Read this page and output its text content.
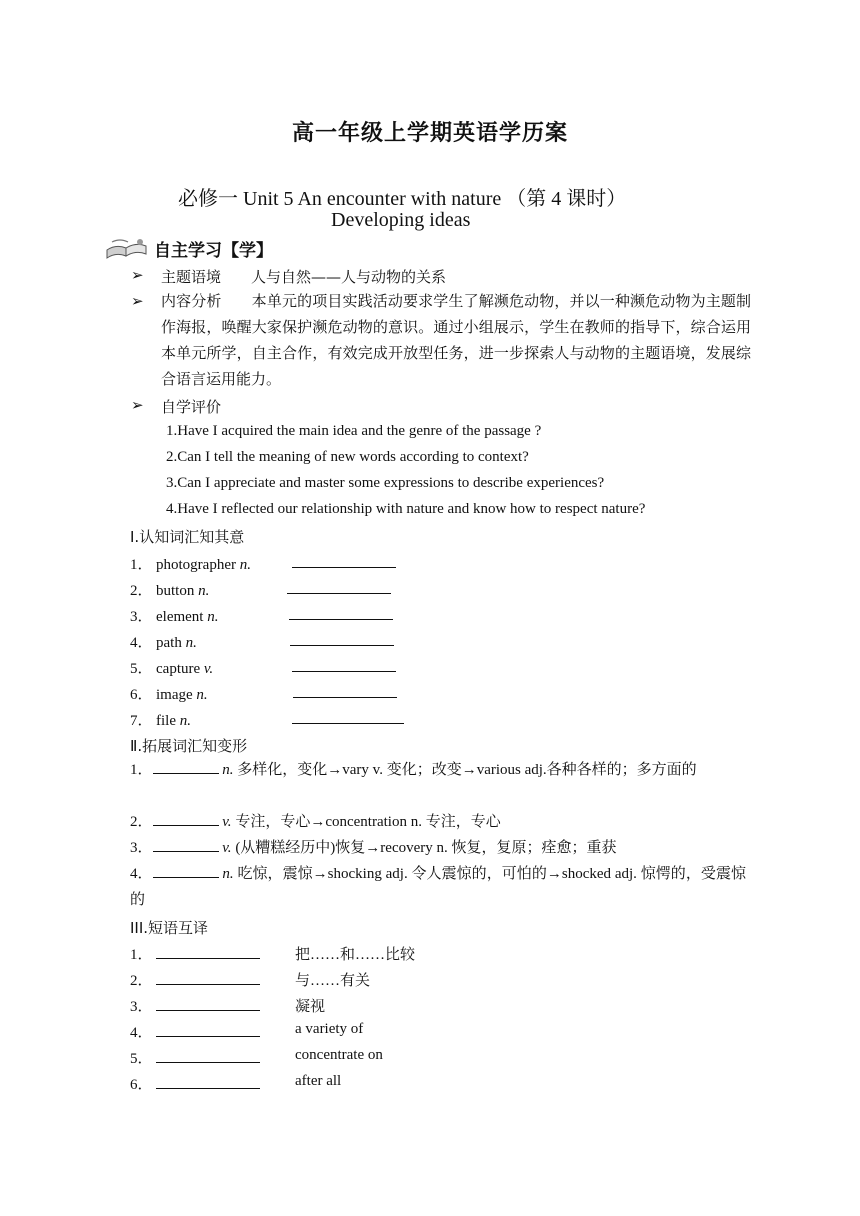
高一年级上学期英语学历案
必修一 Unit 5 An encounter with nature （第 4 课时）
Developing ideas
自主学习【学】
➢ 主题语境 人与自然——人与动物的关系
➢ 内容分析 本单元的项目实践活动要求学生了解濒危动物，并以一种濒危动物为主题制作海报，唤醒大家保护濒危动物的意识。通过小组展示，学生在教师的指导下，综合运用本单元所学，自主合作，有效完成开放型任务，进一步探索人与动物的主题语境，发展综合语言运用能力。
➢ 自学评价
1.Have I acquired the main idea and the genre of the passage ?
2.Can I tell the meaning of new words according to context?
3.Can I appreciate and master some expressions to describe experiences?
4.Have I reflected our relationship with nature and know how to respect nature?
Ⅰ.认知词汇知其意
1． photographer n.
2． button n.
3． element n.
4． path n.
5． capture v.
6． image n.
7． file n.
Ⅱ.拓展词汇知变形
1．	n. 多样化，变化→vary v. 变化；改变→various adj.各种各样的；多方面的
2．	v. 专注，专心→concentration n. 专注，专心
3．	v. (从糟糕经历中)恢复→recovery n. 恢复，复原；痊愈；重获
4．	n. 吃惊，震惊→shocking adj. 令人震惊的，可怕的→shocked adj. 惊愕的，受震惊的
III.短语互译
1．	把……和……比较
2．	与……有关
3．	凝视
4．	a variety of
5．	concentrate on
6．	after all
